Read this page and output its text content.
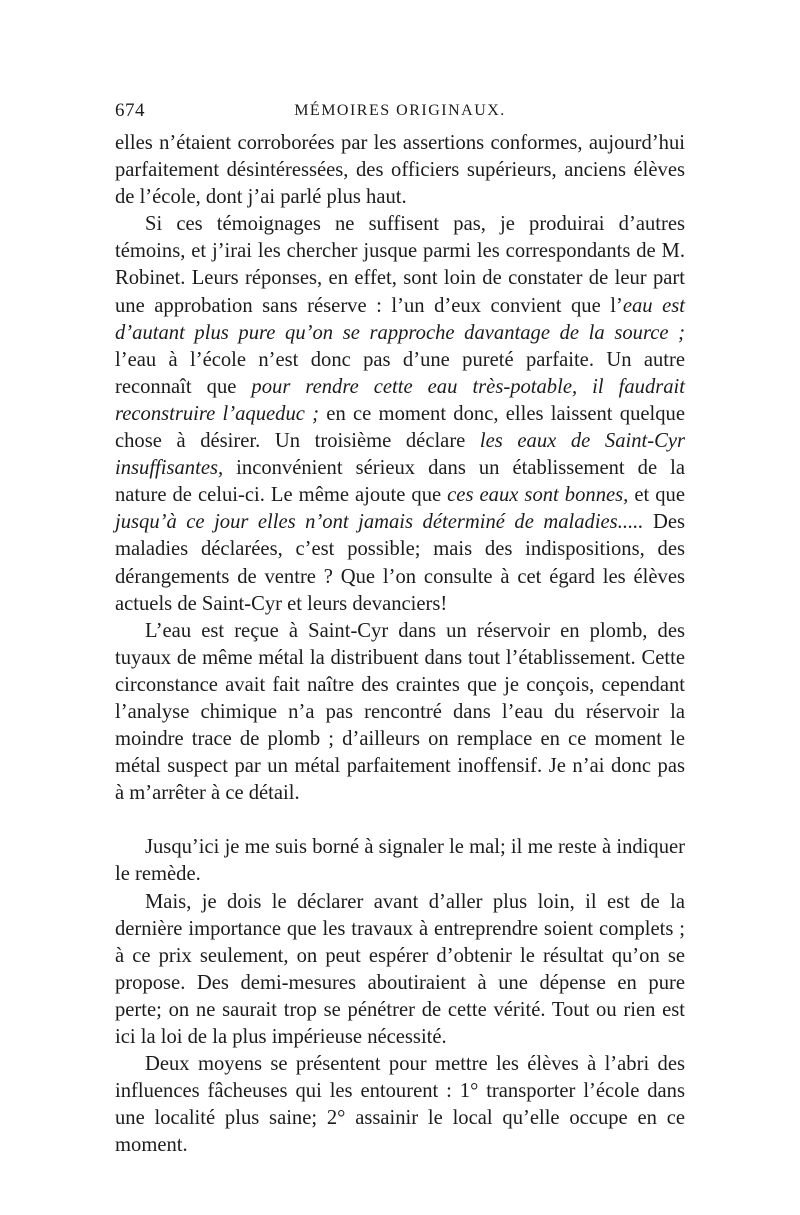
674	MÉMOIRES ORIGINAUX.

elles n’étaient corroborées par les assertions conformes, aujourd’hui parfaitement désintéressées, des officiers supérieurs, anciens élèves de l’école, dont j’ai parlé plus haut.

Si ces témoignages ne suffisent pas, je produirai d’autres témoins, et j’irai les chercher jusque parmi les correspondants de M. Robinet. Leurs réponses, en effet, sont loin de constater de leur part une approbation sans réserve : l’un d’eux convient que l’eau est d’autant plus pure qu’on se rapproche davantage de la source ; l’eau à l’école n’est donc pas d’une pureté parfaite. Un autre reconnaît que pour rendre cette eau très-potable, il faudrait reconstruire l’aqueduc ; en ce moment donc, elles laissent quelque chose à désirer. Un troisième déclare les eaux de Saint-Cyr insuffisantes, inconvénient sérieux dans un établissement de la nature de celui-ci. Le même ajoute que ces eaux sont bonnes, et que jusqu’à ce jour elles n’ont jamais déterminé de maladies..... Des maladies déclarées, c’est possible; mais des indispositions, des dérangements de ventre ? Que l’on consulte à cet égard les élèves actuels de Saint-Cyr et leurs devanciers!

L’eau est reçue à Saint-Cyr dans un réservoir en plomb, des tuyaux de même métal la distribuent dans tout l’établissement. Cette circonstance avait fait naître des craintes que je conçois, cependant l’analyse chimique n’a pas rencontré dans l’eau du réservoir la moindre trace de plomb ; d’ailleurs on remplace en ce moment le métal suspect par un métal parfaitement inoffensif. Je n’ai donc pas à m’arrêter à ce détail.

Jusqu’ici je me suis borné à signaler le mal; il me reste à indiquer le remède.

Mais, je dois le déclarer avant d’aller plus loin, il est de la dernière importance que les travaux à entreprendre soient complets ; à ce prix seulement, on peut espérer d’obtenir le résultat qu’on se propose. Des demi-mesures aboutiraient à une dépense en pure perte; on ne saurait trop se pénétrer de cette vérité. Tout ou rien est ici la loi de la plus impérieuse nécessité.

Deux moyens se présentent pour mettre les élèves à l’abri des influences fâcheuses qui les entourent : 1° transporter l’école dans une localité plus saine; 2° assainir le local qu’elle occupe en ce moment.
